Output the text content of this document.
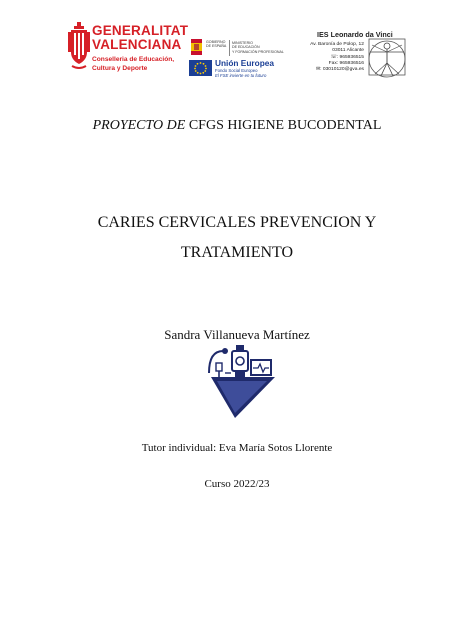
GENERALITAT
VALENCIANA
Conselleria de Educación,
Cultura y Deporte
GOBIERNO
DE ESPAÑA
MINISTERIO
DE EDUCACIÓN
Y FORMACIÓN PROFESIONAL
Unión Europea
Fondo Social Europeo
El FSE invierte en tu futuro
IES Leonardo da Vinci
Av. Baronía de Polop, 12
03011 Alicante
☏: 965936515
Fax: 965936516
✉: 03010120@gva.es
PROYECTO DE CFGS HIGIENE BUCODENTAL
CARIES CERVICALES PREVENCION Y
TRATAMIENTO
Sandra Villanueva Martínez
Tutor individual: Eva María Sotos Llorente
Curso 2022/23
